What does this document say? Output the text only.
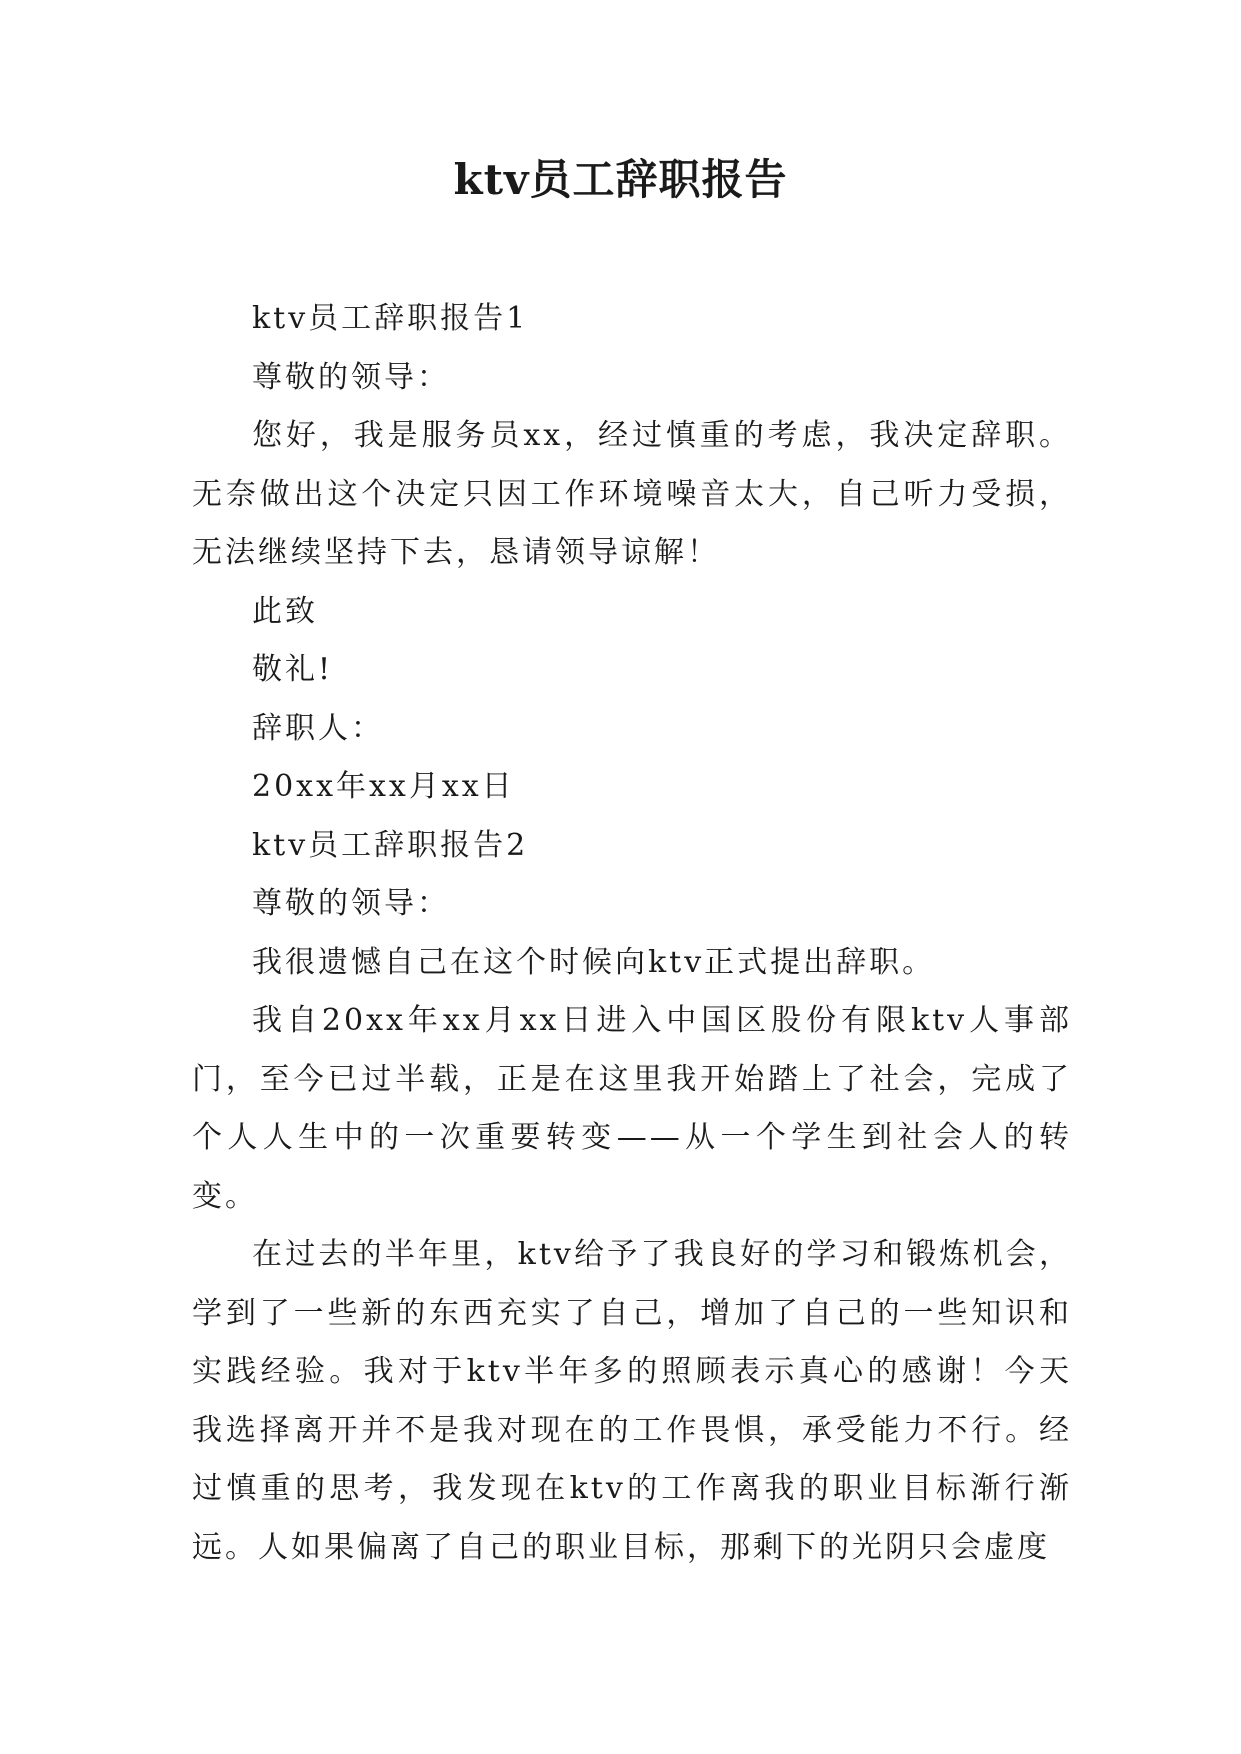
ktv员工辞职报告

ktv员工辞职报告1

尊敬的领导：

您好，我是服务员xx，经过慎重的考虑，我决定辞职。无奈做出这个决定只因工作环境噪音太大，自己听力受损，无法继续坚持下去，恳请领导谅解！

此致

敬礼!

辞职人：

20xx年xx月xx日

ktv员工辞职报告2

尊敬的领导：

我很遗憾自己在这个时候向ktv正式提出辞职。

我自20xx年xx月xx日进入中国区股份有限ktv人事部门，至今已过半载，正是在这里我开始踏上了社会，完成了个人人生中的一次重要转变——从一个学生到社会人的转变。

在过去的半年里，ktv给予了我良好的学习和锻炼机会，学到了一些新的东西充实了自己，增加了自己的一些知识和实践经验。我对于ktv半年多的照顾表示真心的感谢！今天我选择离开并不是我对现在的工作畏惧，承受能力不行。经过慎重的思考，我发现在ktv的工作离我的职业目标渐行渐远。人如果偏离了自己的职业目标，那剩下的光阴只会虚度
